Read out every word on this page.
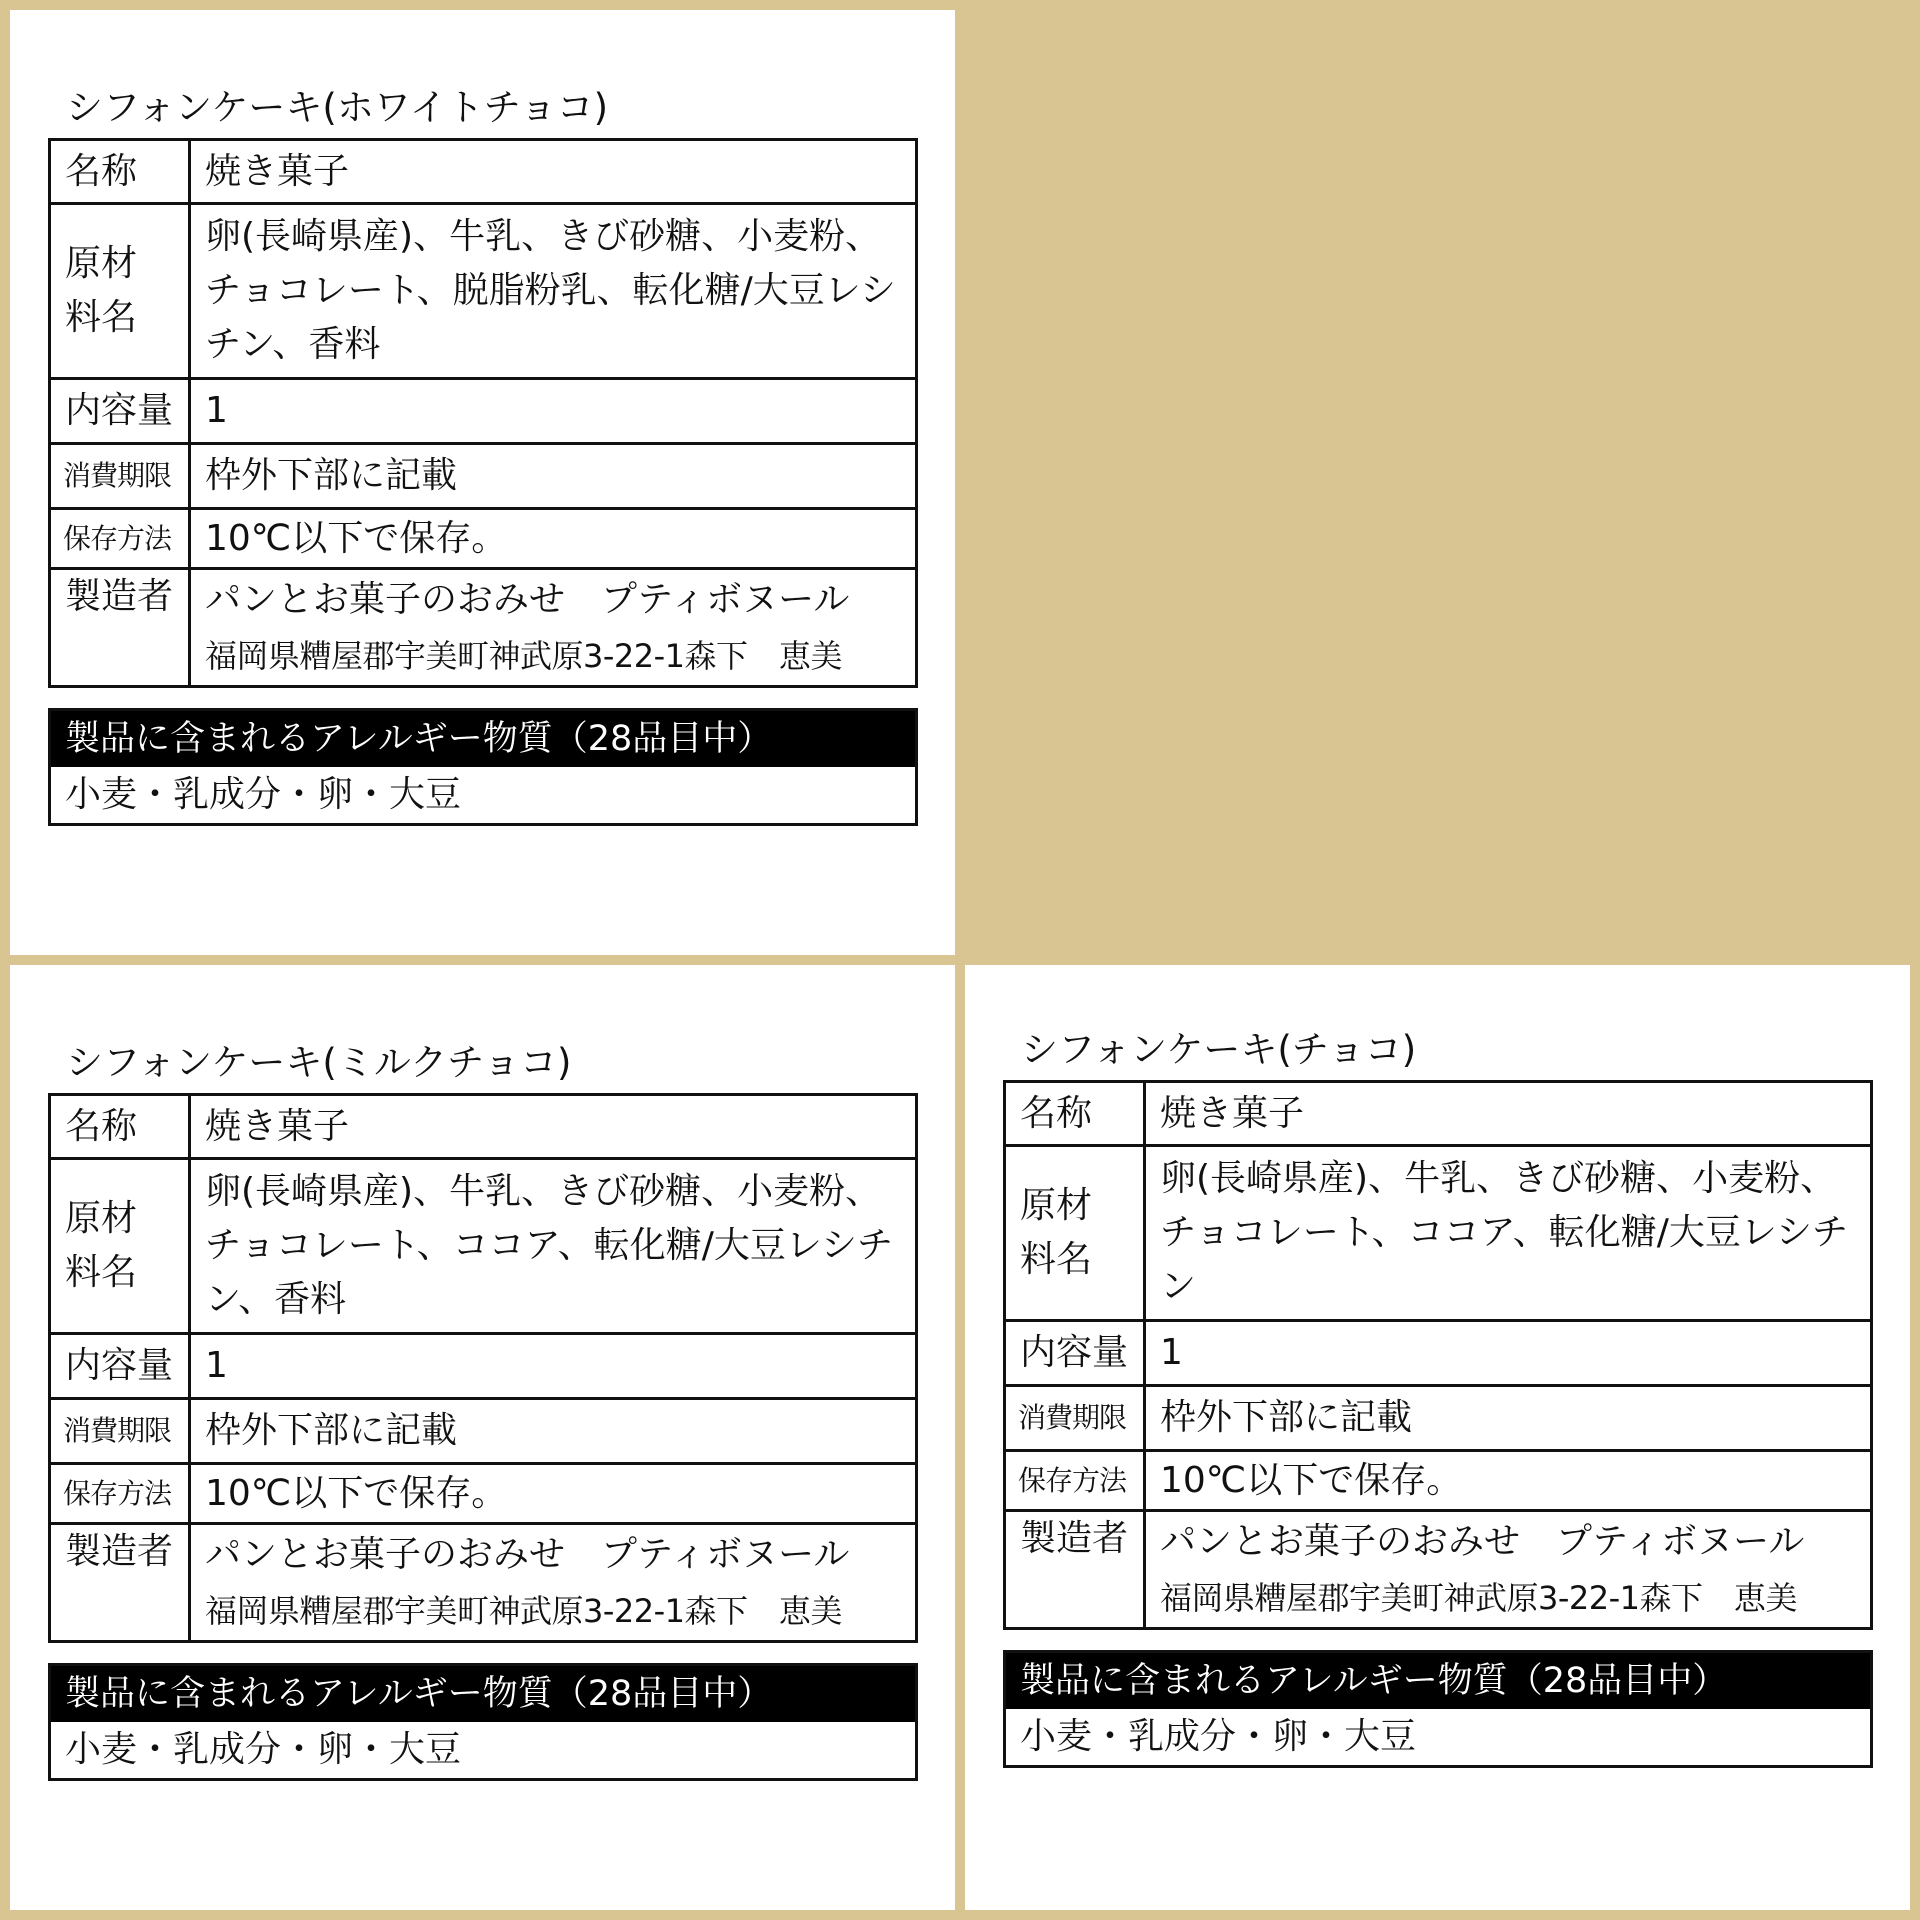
シフォンケーキ(ホワイトチョコ)
名称	焼き菓子

原材料名	卵(長崎県産)、牛乳、きび砂糖、小麦粉、チョコレート、脱脂粉乳、転化糖/大豆レシチン、香料
内容量	1
消費期限	枠外下部に記載
保存方法	10℃以下で保存。
製造者	パンとお菓子のおみせ　プティボヌール
福岡県糟屋郡宇美町神武原3-22-1森下　恵美
製品に含まれるアレルギー物質（28品目中）
小麦・乳成分・卵・大豆
シフォンケーキ(ミルクチョコ)
名称	焼き菓子

原材料名	卵(長崎県産)、牛乳、きび砂糖、小麦粉、チョコレート、ココア、転化糖/大豆レシチン、香料
内容量	1
消費期限	枠外下部に記載
保存方法	10℃以下で保存。
製造者	パンとお菓子のおみせ　プティボヌール
福岡県糟屋郡宇美町神武原3-22-1森下　恵美
製品に含まれるアレルギー物質（28品目中）
小麦・乳成分・卵・大豆
シフォンケーキ(チョコ)
名称	焼き菓子

原材料名	卵(長崎県産)、牛乳、きび砂糖、小麦粉、チョコレート、ココア、転化糖/大豆レシチン
内容量	1
消費期限	枠外下部に記載
保存方法	10℃以下で保存。
製造者	パンとお菓子のおみせ　プティボヌール
福岡県糟屋郡宇美町神武原3-22-1森下　恵美
製品に含まれるアレルギー物質（28品目中）
小麦・乳成分・卵・大豆
